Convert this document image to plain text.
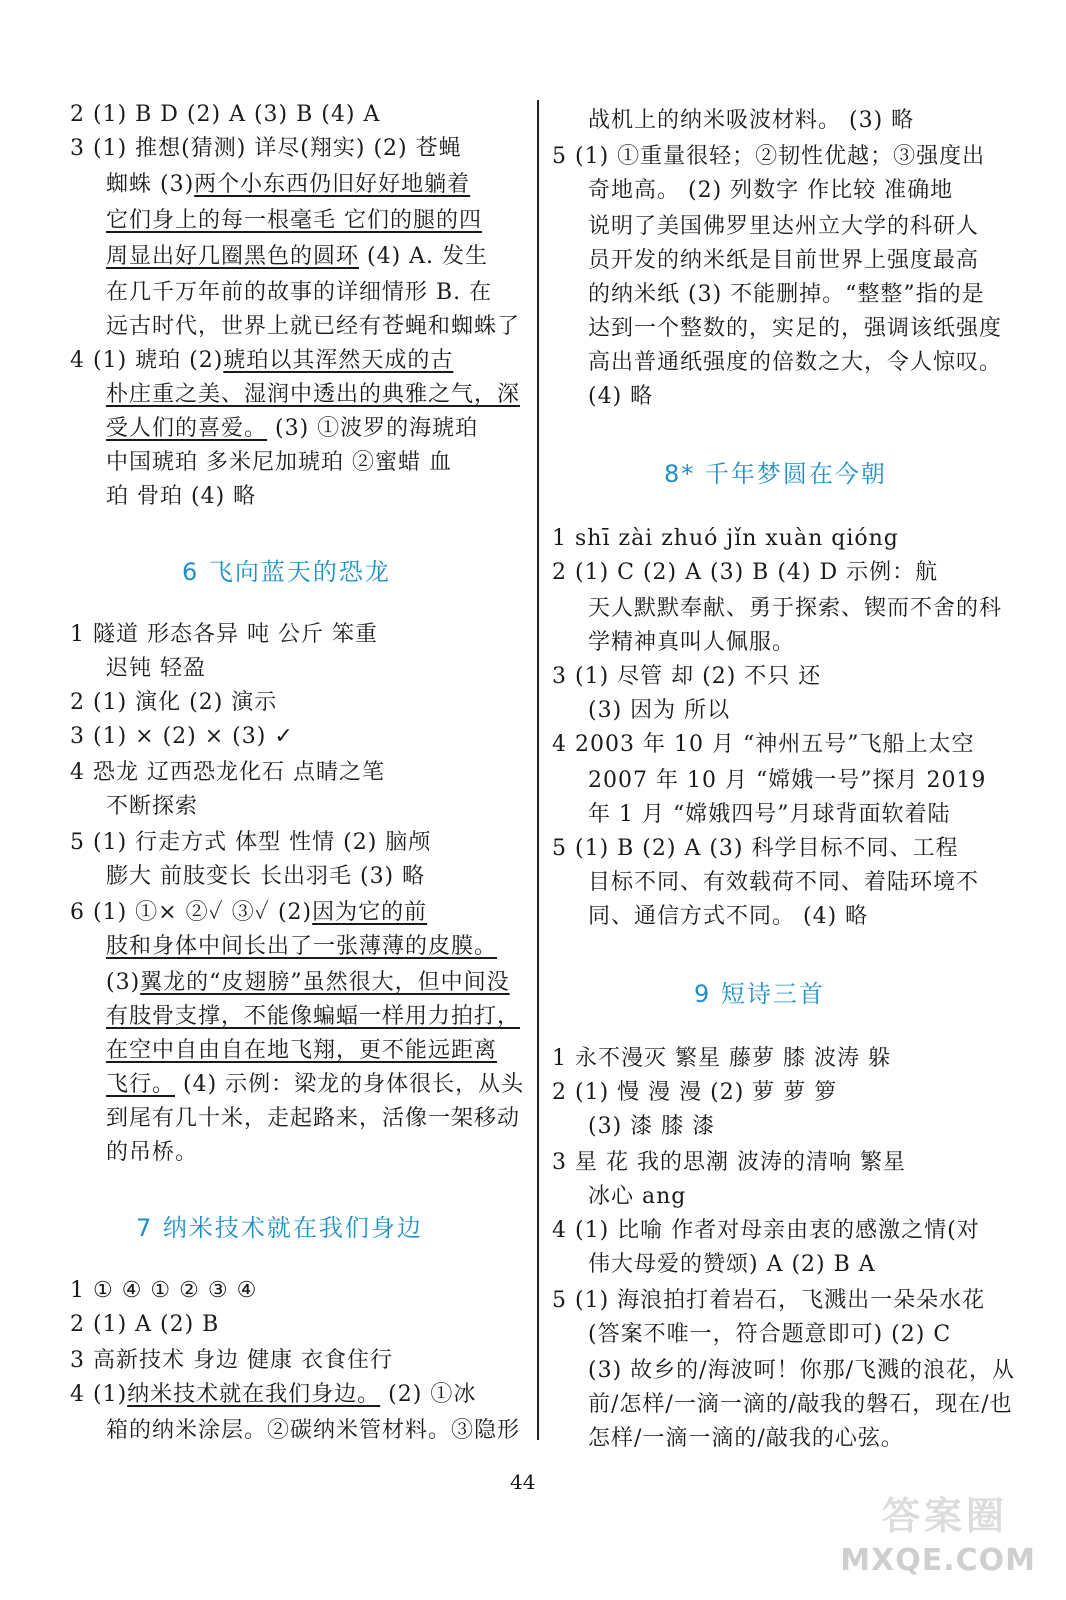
2 (1) B D (2) A (3) B (4) A
3 (1) 推想(猜测) 详尽(翔实) (2) 苍蝇
蜘蛛 (3)两个小东西仍旧好好地躺着
它们身上的每一根毫毛 它们的腿的四
周显出好几圈黑色的圆环 (4) A. 发生
在几千万年前的故事的详细情形 B. 在
远古时代，世界上就已经有苍蝇和蜘蛛了
4 (1) 琥珀 (2)琥珀以其浑然天成的古
朴庄重之美、湿润中透出的典雅之气，深
受人们的喜爱。 (3) ①波罗的海琥珀
中国琥珀 多米尼加琥珀 ②蜜蜡 血
珀 骨珀 (4) 略
6 飞向蓝天的恐龙
1 隧道 形态各异 吨 公斤 笨重
迟钝 轻盈
2 (1) 演化 (2) 演示
3 (1) × (2) × (3) ✓
4 恐龙 辽西恐龙化石 点睛之笔
不断探索
5 (1) 行走方式 体型 性情 (2) 脑颅
膨大 前肢变长 长出羽毛 (3) 略
6 (1) ①× ②✓ ③✓ (2)因为它的前
肢和身体中间长出了一张薄薄的皮膜。
(3)翼龙的“皮翅膀”虽然很大，但中间没
有肢骨支撑，不能像蝙蝠一样用力拍打，
在空中自由自在地飞翔，更不能远距离
飞行。 (4) 示例：梁龙的身体很长，从头
到尾有几十米，走起路来，活像一架移动
的吊桥。
7 纳米技术就在我们身边
1 ① ④ ① ② ③ ④
2 (1) A (2) B
3 高新技术 身边 健康 衣食住行
4 (1)纳米技术就在我们身边。 (2) ①冰
箱的纳米涂层。②碳纳米管材料。③隐形
战机上的纳米吸波材料。 (3) 略
5 (1) ①重量很轻；②韧性优越；③强度出
奇地高。 (2) 列数字 作比较 准确地
说明了美国佛罗里达州立大学的科研人
员开发的纳米纸是目前世界上强度最高
的纳米纸 (3) 不能删掉。“整整”指的是
达到一个整数的，实足的，强调该纸强度
高出普通纸强度的倍数之大，令人惊叹。
(4) 略
8* 千年梦圆在今朝
1 shī zài zhuó jǐn xuàn qióng
2 (1) C (2) A (3) B (4) D 示例：航
天人默默奉献、勇于探索、锲而不舍的科
学精神真叫人佩服。
3 (1) 尽管 却 (2) 不只 还
(3) 因为 所以
4 2003 年 10 月 “神州五号”飞船上太空
2007 年 10 月 “嫦娥一号”探月 2019
年 1 月 “嫦娥四号”月球背面软着陆
5 (1) B (2) A (3) 科学目标不同、工程
目标不同、有效载荷不同、着陆环境不
同、通信方式不同。 (4) 略
9 短诗三首
1 永不漫灭 繁星 藤萝 膝 波涛 躲
2 (1) 慢 漫 漫 (2) 萝 萝 箩
(3) 漆 膝 漆
3 星 花 我的思潮 波涛的清响 繁星
冰心 ang
4 (1) 比喻 作者对母亲由衷的感激之情(对
伟大母爱的赞颂) A (2) B A
5 (1) 海浪拍打着岩石，飞溅出一朵朵水花
(答案不唯一，符合题意即可) (2) C
(3) 故乡的/海波呵！你那/飞溅的浪花，从
前/怎样/一滴一滴的/敲我的磐石，现在/也
怎样/一滴一滴的/敲我的心弦。
44
答案圈
MXQE.COM
